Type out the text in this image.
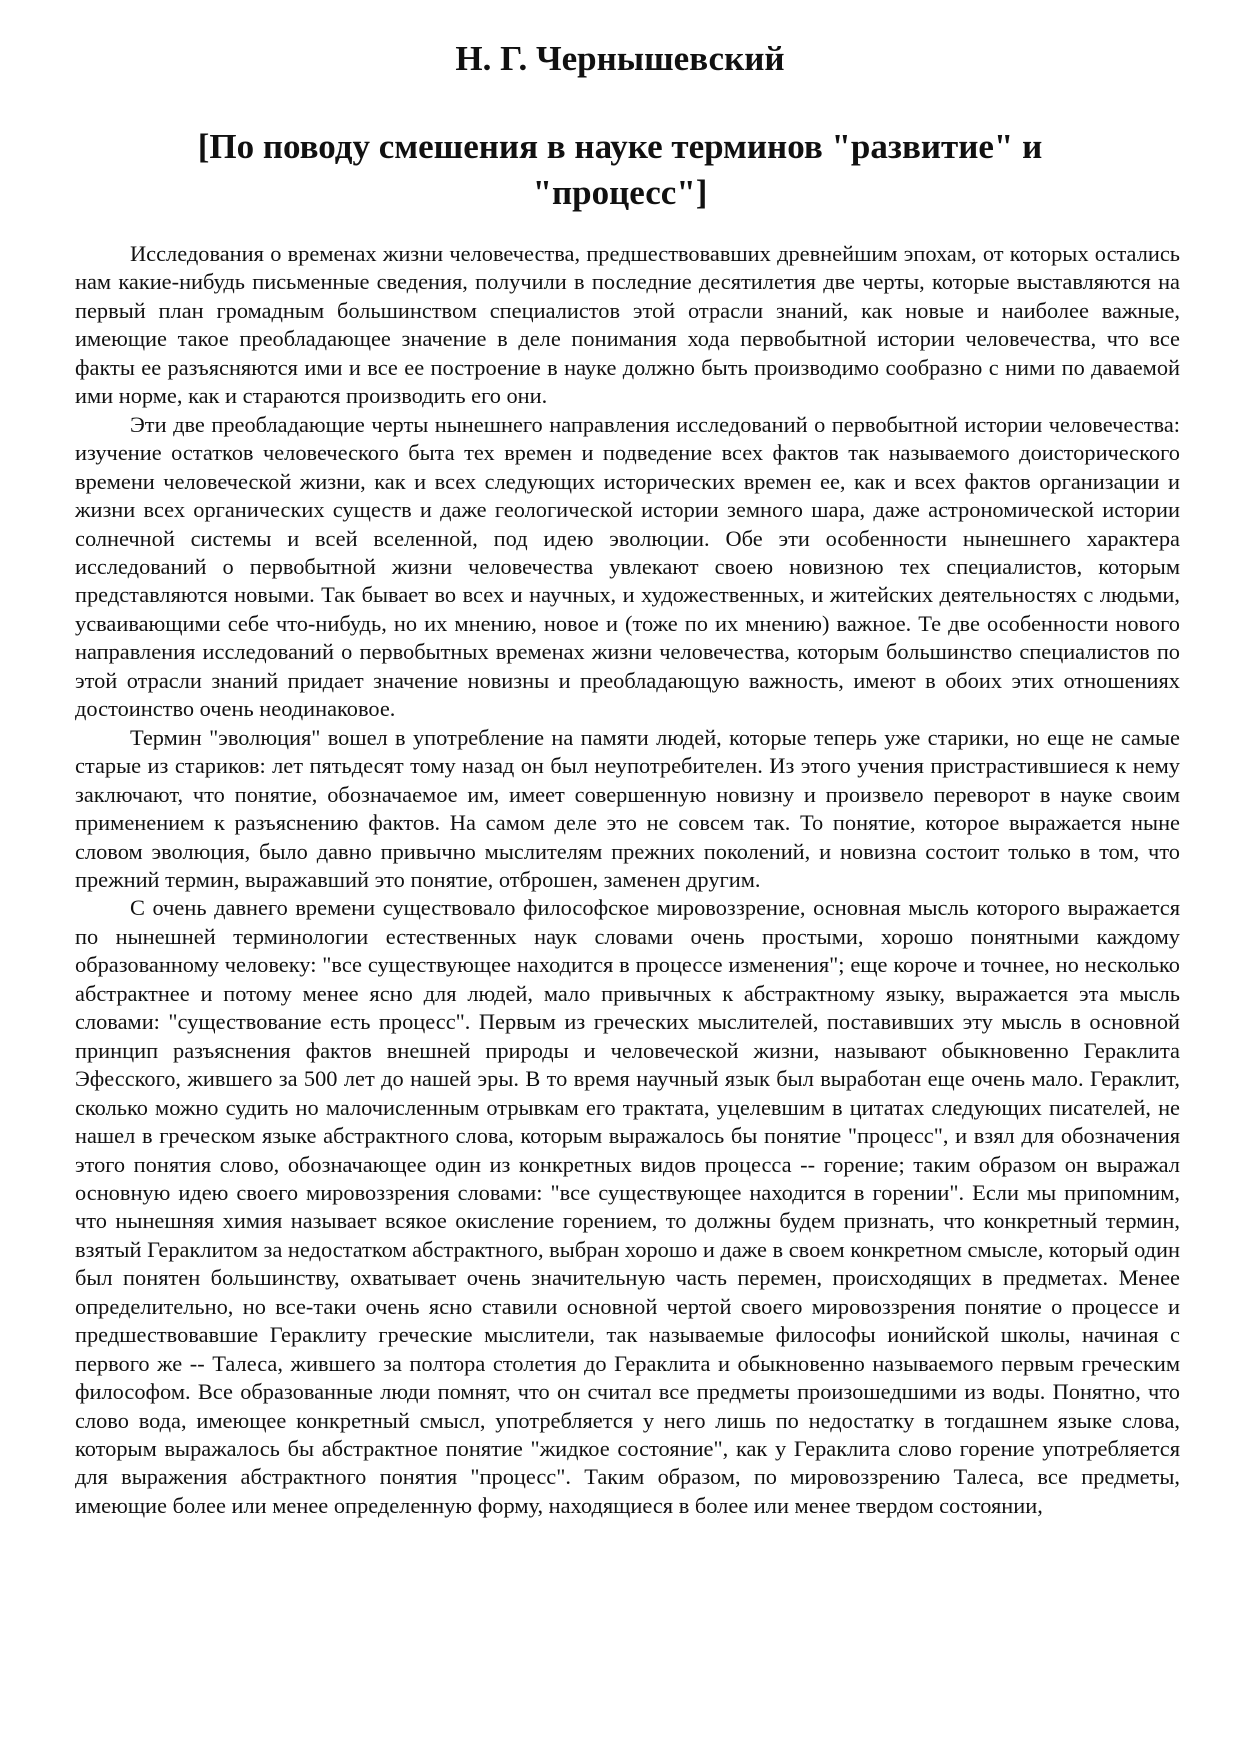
Н. Г. Чернышевский
[По поводу смешения в науке терминов "развитие" и "процесс"]

Исследования о временах жизни человечества, предшествовавших древнейшим эпохам, от которых остались нам какие-нибудь письменные сведения, получили в последние десятилетия две черты, которые выставляются на первый план громадным большинством специалистов этой отрасли знаний, как новые и наиболее важные, имеющие такое преобладающее значение в деле понимания хода первобытной истории человечества, что все факты ее разъясняются ими и все ее построение в науке должно быть производимо сообразно с ними по даваемой ими норме, как и стараются производить его они.

Эти две преобладающие черты нынешнего направления исследований о первобытной истории человечества: изучение остатков человеческого быта тех времен и подведение всех фактов так называемого доисторического времени человеческой жизни, как и всех следующих исторических времен ее, как и всех фактов организации и жизни всех органических существ и даже геологической истории земного шара, даже астрономической истории солнечной системы и всей вселенной, под идею эволюции. Обе эти особенности нынешнего характера исследований о первобытной жизни человечества увлекают своею новизною тех специалистов, которым представляются новыми. Так бывает во всех и научных, и художественных, и житейских деятельностях с людьми, усваивающими себе что-нибудь, но их мнению, новое и (тоже по их мнению) важное. Те две особенности нового направления исследований о первобытных временах жизни человечества, которым большинство специалистов по этой отрасли знаний придает значение новизны и преобладающую важность, имеют в обоих этих отношениях достоинство очень неодинаковое.

Термин "эволюция" вошел в употребление на памяти людей, которые теперь уже старики, но еще не самые старые из стариков: лет пятьдесят тому назад он был неупотребителен. Из этого учения пристрастившиеся к нему заключают, что понятие, обозначаемое им, имеет совершенную новизну и произвело переворот в науке своим применением к разъяснению фактов. На самом деле это не совсем так. То понятие, которое выражается ныне словом эволюция, было давно привычно мыслителям прежних поколений, и новизна состоит только в том, что прежний термин, выражавший это понятие, отброшен, заменен другим.

С очень давнего времени существовало философское мировоззрение, основная мысль которого выражается по нынешней терминологии естественных наук словами очень простыми, хорошо понятными каждому образованному человеку: "все существующее находится в процессе изменения"; еще короче и точнее, но несколько абстрактнее и потому менее ясно для людей, мало привычных к абстрактному языку, выражается эта мысль словами: "существование есть процесс". Первым из греческих мыслителей, поставивших эту мысль в основной принцип разъяснения фактов внешней природы и человеческой жизни, называют обыкновенно Гераклита Эфесского, жившего за 500 лет до нашей эры. В то время научный язык был выработан еще очень мало. Гераклит, сколько можно судить но малочисленным отрывкам его трактата, уцелевшим в цитатах следующих писателей, не нашел в греческом языке абстрактного слова, которым выражалось бы понятие "процесс", и взял для обозначения этого понятия слово, обозначающее один из конкретных видов процесса -- горение; таким образом он выражал основную идею своего мировоззрения словами: "все существующее находится в горении". Если мы припомним, что нынешняя химия называет всякое окисление горением, то должны будем признать, что конкретный термин, взятый Гераклитом за недостатком абстрактного, выбран хорошо и даже в своем конкретном смысле, который один был понятен большинству, охватывает очень значительную часть перемен, происходящих в предметах. Менее определительно, но все-таки очень ясно ставили основной чертой своего мировоззрения понятие о процессе и предшествовавшие Гераклиту греческие мыслители, так называемые философы ионийской школы, начиная с первого же -- Талеса, жившего за полтора столетия до Гераклита и обыкновенно называемого первым греческим философом. Все образованные люди помнят, что он считал все предметы произошедшими из воды. Понятно, что слово вода, имеющее конкретный смысл, употребляется у него лишь по недостатку в тогдашнем языке слова, которым выражалось бы абстрактное понятие "жидкое состояние", как у Гераклита слово горение употребляется для выражения абстрактного понятия "процесс". Таким образом, по мировоззрению Талеса, все предметы, имеющие более или менее определенную форму, находящиеся в более или менее твердом состоянии,
